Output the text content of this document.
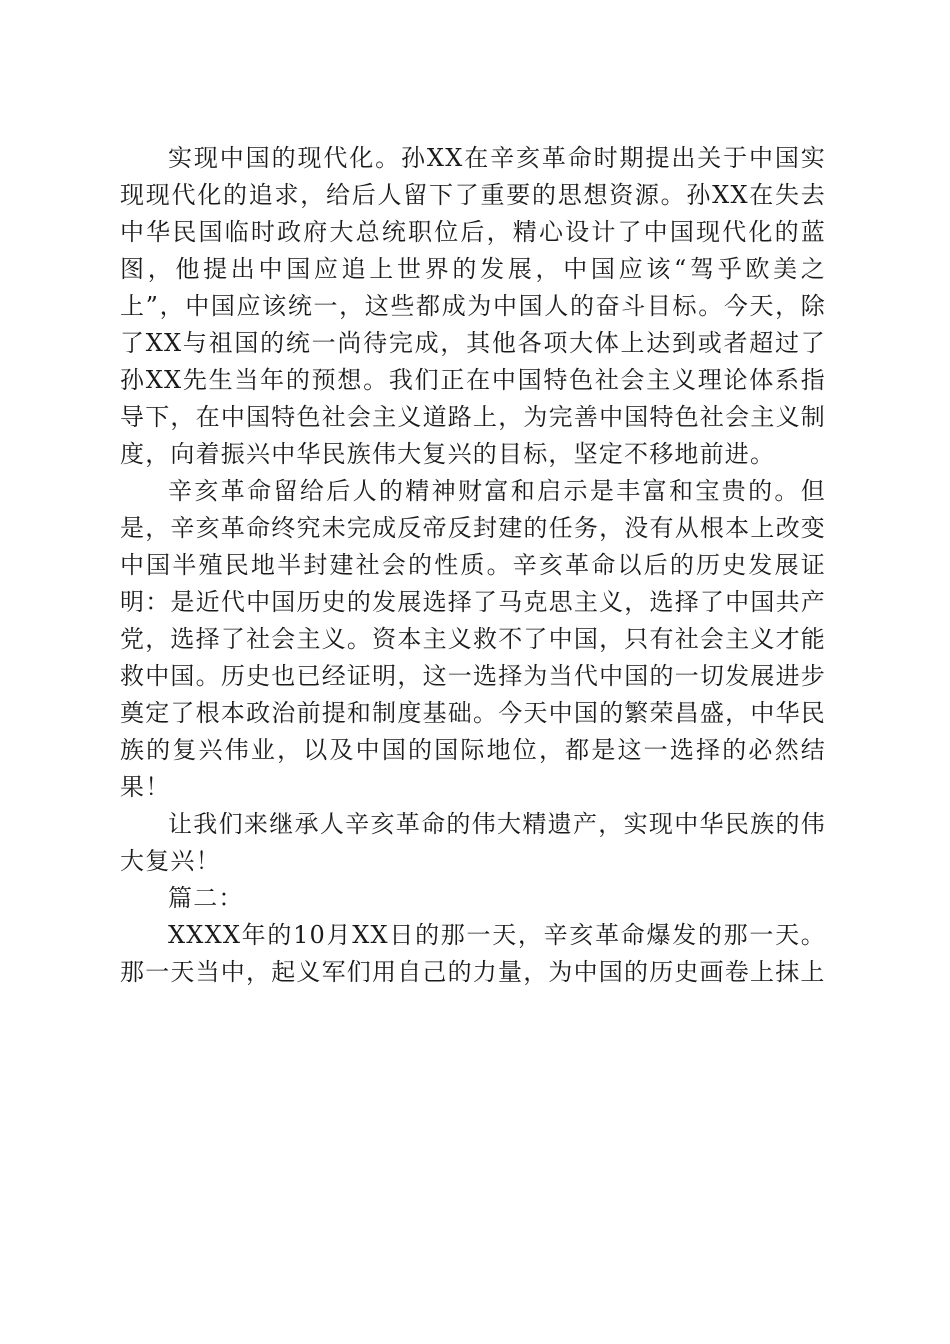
实现中国的现代化。孙XX在辛亥革命时期提出关于中国实现现代化的追求，给后人留下了重要的思想资源。孙XX在失去中华民国临时政府大总统职位后，精心设计了中国现代化的蓝图，他提出中国应追上世界的发展，中国应该“驾乎欧美之上”，中国应该统一，这些都成为中国人的奋斗目标。今天，除了XX与祖国的统一尚待完成，其他各项大体上达到或者超过了孙XX先生当年的预想。我们正在中国特色社会主义理论体系指导下，在中国特色社会主义道路上，为完善中国特色社会主义制度，向着振兴中华民族伟大复兴的目标，坚定不移地前进。

辛亥革命留给后人的精神财富和启示是丰富和宝贵的。但是，辛亥革命终究未完成反帝反封建的任务，没有从根本上改变中国半殖民地半封建社会的性质。辛亥革命以后的历史发展证明：是近代中国历史的发展选择了马克思主义，选择了中国共产党，选择了社会主义。资本主义救不了中国，只有社会主义才能救中国。历史也已经证明，这一选择为当代中国的一切发展进步奠定了根本政治前提和制度基础。今天中国的繁荣昌盛，中华民族的复兴伟业，以及中国的国际地位，都是这一选择的必然结果！

让我们来继承人辛亥革命的伟大精遗产，实现中华民族的伟大复兴！

篇二：

XXXX年的10月XX日的那一天，辛亥革命爆发的那一天。那一天当中，起义军们用自己的力量，为中国的历史画卷上抹上
